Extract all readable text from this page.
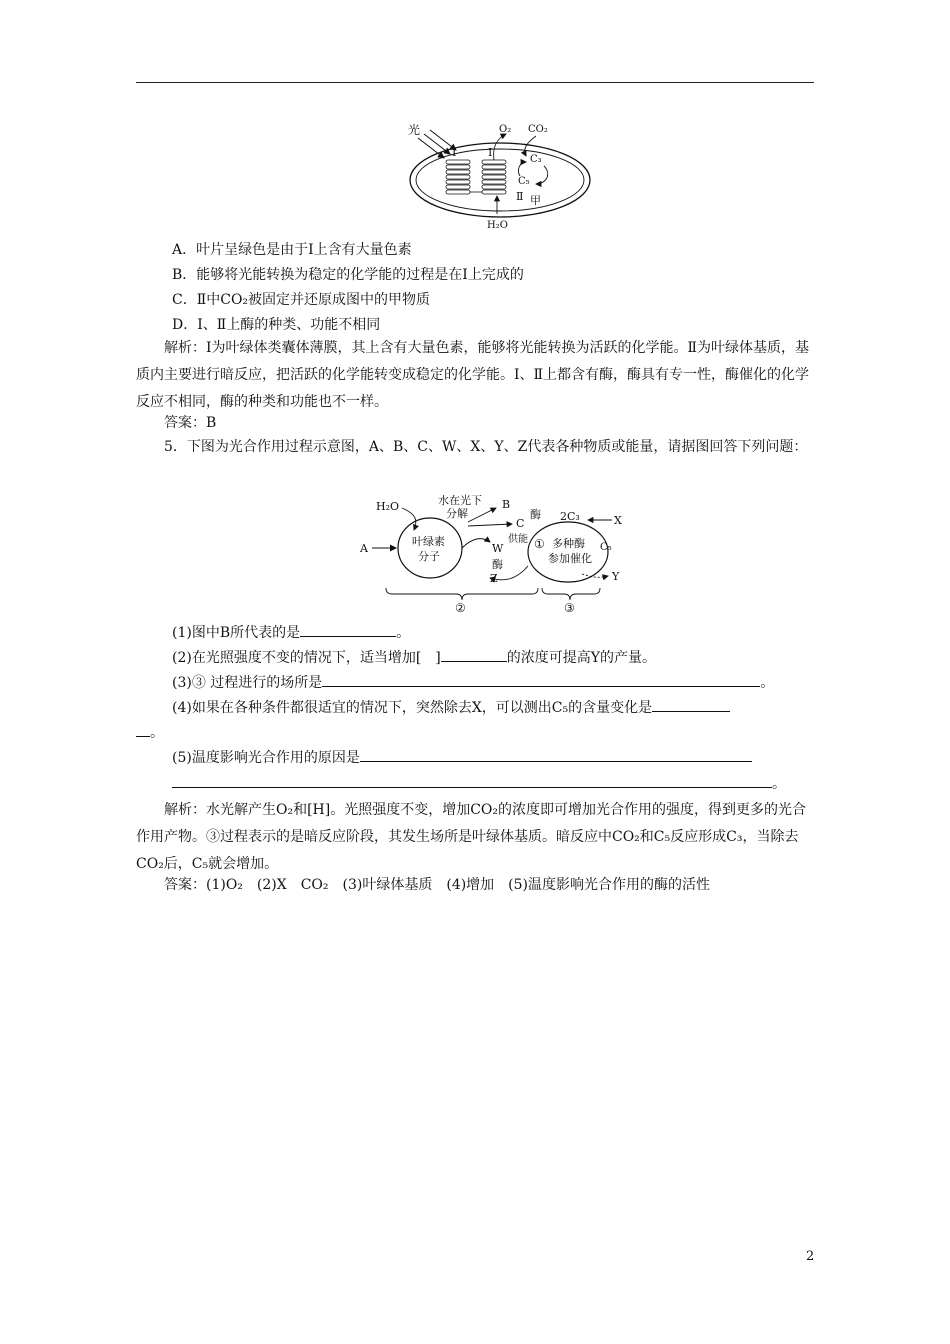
光
Ⅰ	Ⅰ
O₂ CO₂
C₃
C₅
Ⅱ 甲
H₂O
A．叶片呈绿色是由于Ⅰ上含有大量色素
B．能够将光能转换为稳定的化学能的过程是在Ⅰ上完成的
C．Ⅱ中CO₂被固定并还原成图中的甲物质
D．Ⅰ、Ⅱ上酶的种类、功能不相同
解析：Ⅰ为叶绿体类囊体薄膜，其上含有大量色素，能够将光能转换为活跃的化学能。Ⅱ为叶绿体基质，基质内主要进行暗反应，把活跃的化学能转变成稳定的化学能。Ⅰ、Ⅱ上都含有酶，酶具有专一性，酶催化的化学反应不相同，酶的种类和功能也不一样。
答案：B
5．下图为光合作用过程示意图，A、B、C、W、X、Y、Z代表各种物质或能量，请据图回答下列问题：
H₂O	水在光下
分解
B
C
酶 2C₃	X
A
叶绿素
分子
W
供能
酶
Z
① 多种酶
参加催化
C₅
Y
②	③
(1)图中B所代表的是	。
(2)在光照强度不变的情况下，适当增加[　]	的浓度可提高Y的产量。
(3)③ 过程进行的场所是	。
(4)如果在各种条件都很适宜的情况下，突然除去X，可以测出C₅的含量变化是
。
(5)温度影响光合作用的原因是
。
解析：水光解产生O₂和[H]。光照强度不变，增加CO₂的浓度即可增加光合作用的强度，得到更多的光合作用产物。③过程表示的是暗反应阶段，其发生场所是叶绿体基质。暗反应中CO₂和C₅反应形成C₃，当除去CO₂后，C₅就会增加。
答案：(1)O₂　(2)X　CO₂　(3)叶绿体基质　(4)增加　(5)温度影响光合作用的酶的活性
2
